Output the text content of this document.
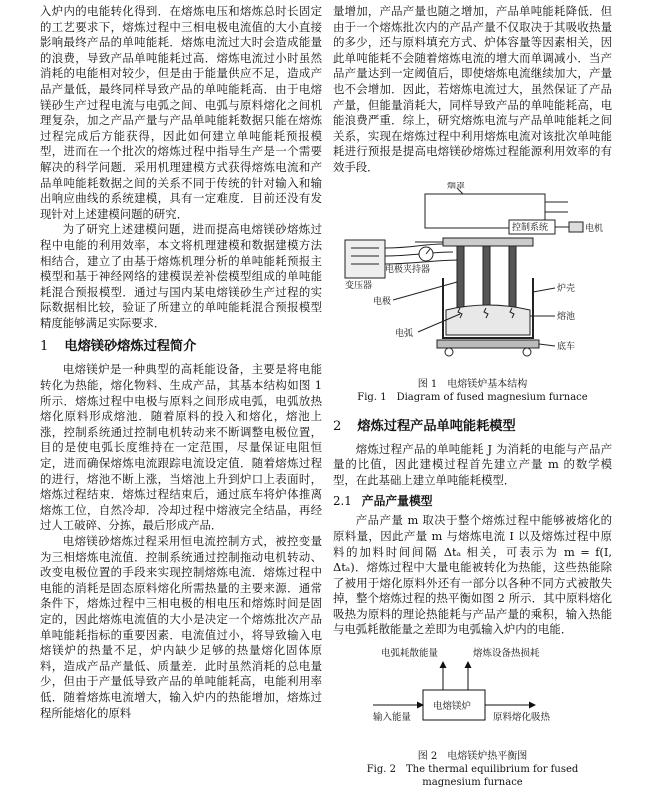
入炉内的电能转化得到．在熔炼电压和熔炼总时长固定的工艺要求下，熔炼过程中三相电极电流值的大小直接影响最终产品的单吨能耗．熔炼电流过大时会造成能量的浪费，导致产品单吨能耗过高．熔炼电流过小时虽然消耗的电能相对较少，但是由于能量供应不足，造成产品产量低，最终同样导致产品的单吨能耗高．由于电熔镁砂生产过程电流与电弧之间、电弧与原料熔化之间机理复杂，加之产品产量与产品单吨能耗数据只能在熔炼过程完成后方能获得，因此如何建立单吨能耗预报模型，进而在一个批次的熔炼过程中指导生产是一个需要解决的科学问题．采用机理建模方式获得熔炼电流和产品单吨能耗数据之间的关系不同于传统的针对输入和输出响应曲线的系统建模，具有一定难度．目前还没有发现针对上述建模问题的研究．

为了研究上述建模问题，进而提高电熔镁砂熔炼过程中电能的利用效率，本文将机理建模和数据建模方法相结合，建立了由基于熔炼机理分析的单吨能耗预报主模型和基于神经网络的建模误差补偿模型组成的单吨能耗混合预报模型．通过与国内某电熔镁砂生产过程的实际数据相比较，验证了所建立的单吨能耗混合预报模型精度能够满足实际要求．

1 电熔镁砂熔炼过程简介

电熔镁炉是一种典型的高耗能设备，主要是将电能转化为热能，熔化物料、生成产品，其基本结构如图 1 所示．熔炼过程中电极与原料之间形成电弧，电弧放热熔化原料形成熔池．随着原料的投入和熔化，熔池上涨，控制系统通过控制电机转动来不断调整电极位置，目的是使电弧长度维持在一定范围，尽量保证电阻恒定，进而确保熔炼电流跟踪电流设定值．随着熔炼过程的进行，熔池不断上涨，当熔池上升到炉口上表面时，熔炼过程结束．熔炼过程结束后，通过底车将炉体推离熔炼工位，自然冷却．冷却过程中熔液完全结晶，再经过人工破碎、分拣，最后形成产品．

电熔镁砂熔炼过程采用恒电流控制方式，被控变量为三相熔炼电流值．控制系统通过控制拖动电机转动、改变电极位置的手段来实现控制熔炼电流．熔炼过程中电能的消耗是固态原料熔化所需热量的主要来源．通常条件下，熔炼过程中三相电极的相电压和熔炼时间是固定的，因此熔炼电流值的大小是决定一个熔炼批次产品单吨能耗指标的重要因素．电流值过小，将导致输入电熔镁炉的热量不足，炉内缺少足够的热量熔化固体原料，造成产品产量低、质量差．此时虽然消耗的总电量少，但由于产量低导致产品的单吨能耗高，电能利用率低．随着熔炼电流增大，输入炉内的热能增加，熔炼过程所能熔化的原料

量增加，产品产量也随之增加，产品单吨能耗降低．但由于一个熔炼批次内的产品产量不仅取决于其吸收热量的多少，还与原料填充方式、炉体容量等因素相关，因此单吨能耗不会随着熔炼电流的增大而单调减小．当产品产量达到一定阈值后，即使熔炼电流继续加大，产量也不会增加．因此，若熔炼电流过大，虽然保证了产品产量，但能量消耗大，同样导致产品的单吨能耗高，电能浪费严重．综上，研究熔炼电流与产品单吨能耗之间关系，实现在熔炼过程中利用熔炼电流对该批次单吨能耗进行预报是提高电熔镁砂熔炼过程能源利用效率的有效手段．

烟罩
控制系统	电机
变压器
电极夹持器
电极
炉壳
熔池
电弧
底车

图 1 电熔镁炉基本结构

Fig. 1 Diagram of fused magnesium furnace

2 熔炼过程产品单吨能耗模型

熔炼过程产品的单吨能耗 J 为消耗的电能与产品产量的比值，因此建模过程首先建立产量 m 的数学模型，在此基础上建立单吨能耗模型．

2.1 产品产量模型

产品产量 m 取决于整个熔炼过程中能够被熔化的原料量，因此产量 m 与熔炼电流 I 以及熔炼过程中原料的加料时间间隔 Δtₐ 相关，可表示为 m = f(I, Δtₐ)．熔炼过程中大量电能被转化为热能，这些热能除了被用于熔化原料外还有一部分以各种不同方式被散失掉，整个熔炼过程的热平衡如图 2 所示．其中原料熔化吸热为原料的理论热能耗与产品产量的乘积，输入热能与电弧耗散能量之差即为电弧输入炉内的电能．

电弧耗散能量	熔炼设备热损耗
输入能量
电熔镁炉
原料熔化吸热

图 2 电熔镁炉热平衡图

Fig. 2 The thermal equilibrium for fused

magnesium furnace
